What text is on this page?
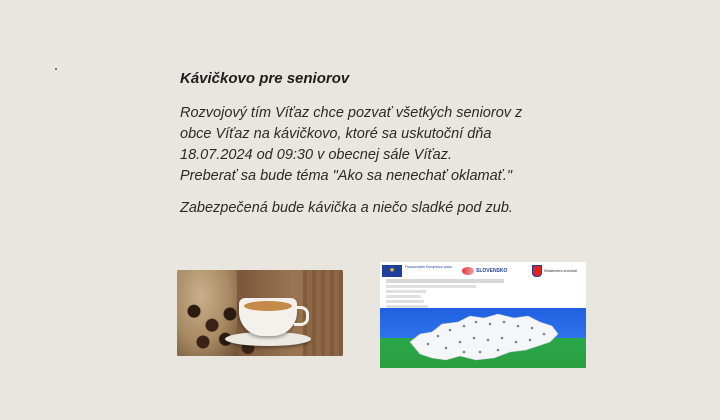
Kávičkovo pre seniorov

Rozvojový tím Víťaz chce pozvať všetkých seniorov z
obce Víťaz na kávičkovo, ktoré sa uskutoční dňa
18.07.2024 od 09:30 v obecnej sále Víťaz.
Preberať sa bude téma "Ako sa nenechať oklamať."

Zabezpečená bude kávička a niečo sladké pod zub.

★	Financované Európskou úniou
SLOVENSKO	Ministerstvo investícií
